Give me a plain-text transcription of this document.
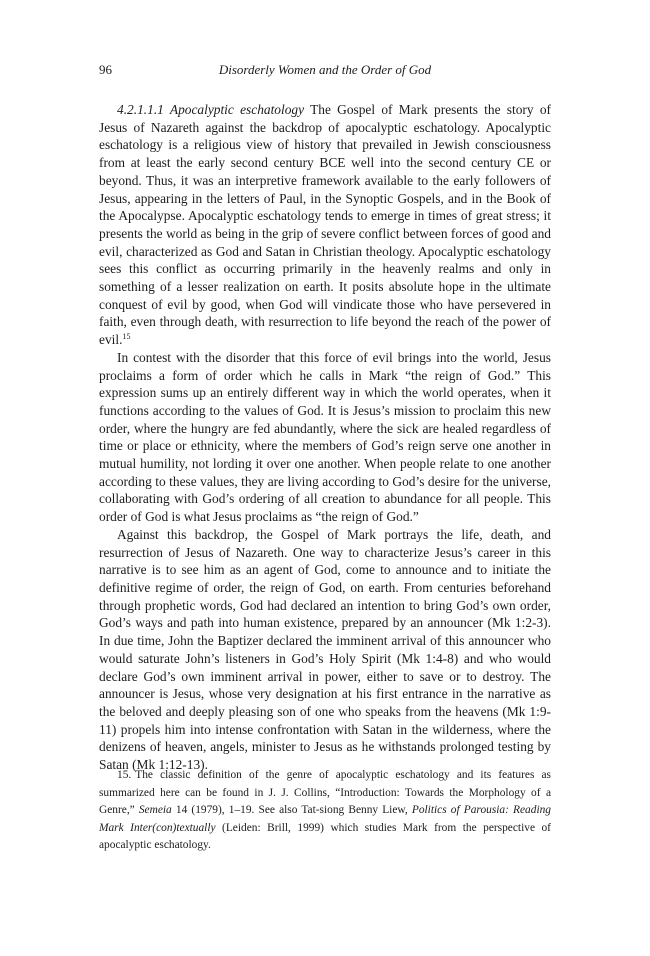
96	Disorderly Women and the Order of God

4.2.1.1.1 Apocalyptic eschatology The Gospel of Mark presents the story of Jesus of Nazareth against the backdrop of apocalyptic eschatology. Apocalyptic eschatology is a religious view of history that prevailed in Jewish consciousness from at least the early second century BCE well into the second century CE or beyond. Thus, it was an interpretive framework available to the early followers of Jesus, appearing in the letters of Paul, in the Synoptic Gospels, and in the Book of the Apocalypse. Apocalyptic eschatology tends to emerge in times of great stress; it presents the world as being in the grip of severe conflict between forces of good and evil, characterized as God and Satan in Christian theology. Apocalyptic eschatology sees this conflict as occurring primarily in the heavenly realms and only in something of a lesser realization on earth. It posits absolute hope in the ultimate conquest of evil by good, when God will vindicate those who have persevered in faith, even through death, with resurrection to life beyond the reach of the power of evil.$^{15}$

In contest with the disorder that this force of evil brings into the world, Jesus proclaims a form of order which he calls in Mark “the reign of God.” This expression sums up an entirely different way in which the world operates, when it functions according to the values of God. It is Jesus’s mission to proclaim this new order, where the hungry are fed abundantly, where the sick are healed regardless of time or place or ethnicity, where the members of God’s reign serve one another in mutual humility, not lording it over one another. When people relate to one another according to these values, they are living according to God’s desire for the universe, collaborating with God’s ordering of all creation to abundance for all people. This order of God is what Jesus proclaims as “the reign of God.”

Against this backdrop, the Gospel of Mark portrays the life, death, and resurrection of Jesus of Nazareth. One way to characterize Jesus’s career in this narrative is to see him as an agent of God, come to announce and to initiate the definitive regime of order, the reign of God, on earth. From centuries beforehand through prophetic words, God had declared an intention to bring God’s own order, God’s ways and path into human existence, prepared by an announcer (Mk 1:2-3). In due time, John the Baptizer declared the imminent arrival of this announcer who would saturate John’s listeners in God’s Holy Spirit (Mk 1:4-8) and who would declare God’s own imminent arrival in power, either to save or to destroy. The announcer is Jesus, whose very designation at his first entrance in the narrative as the beloved and deeply pleasing son of one who speaks from the heavens (Mk 1:9-11) propels him into intense confrontation with Satan in the wilderness, where the denizens of heaven, angels, minister to Jesus as he withstands prolonged testing by Satan (Mk 1:12-13).

15. The classic definition of the genre of apocalyptic eschatology and its features as summarized here can be found in J. J. Collins, “Introduction: Towards the Morphology of a Genre,” Semeia 14 (1979), 1–19. See also Tat-siong Benny Liew, Politics of Parousia: Reading Mark Inter(con)textually (Leiden: Brill, 1999) which studies Mark from the perspective of apocalyptic eschatology.
